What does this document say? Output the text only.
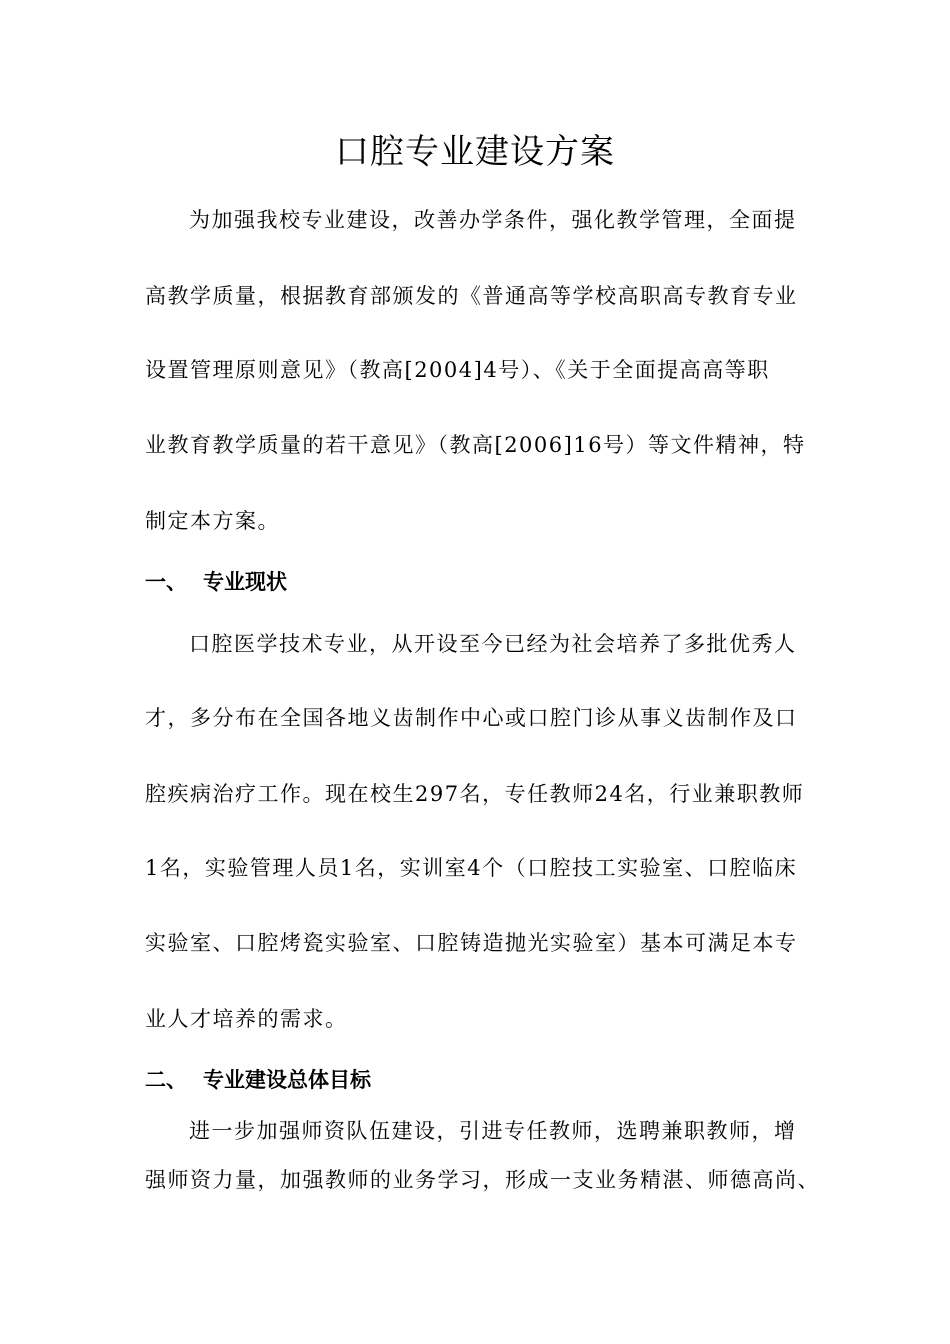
口腔专业建设方案
为加强我校专业建设，改善办学条件，强化教学管理，全面提
高教学质量，根据教育部颁发的《普通高等学校高职高专教育专业
设置管理原则意见》（教高[2004]4号）、《关于全面提高高等职
业教育教学质量的若干意见》（教高[2006]16号）等文件精神，特
制定本方案。
一、 专业现状
口腔医学技术专业，从开设至今已经为社会培养了多批优秀人
才，多分布在全国各地义齿制作中心或口腔门诊从事义齿制作及口
腔疾病治疗工作。现在校生297名，专任教师24名，行业兼职教师
1名，实验管理人员1名，实训室4个（口腔技工实验室、口腔临床
实验室、口腔烤瓷实验室、口腔铸造抛光实验室）基本可满足本专
业人才培养的需求。
二、 专业建设总体目标
进一步加强师资队伍建设，引进专任教师，选聘兼职教师，增
强师资力量，加强教师的业务学习，形成一支业务精湛、师德高尚、
